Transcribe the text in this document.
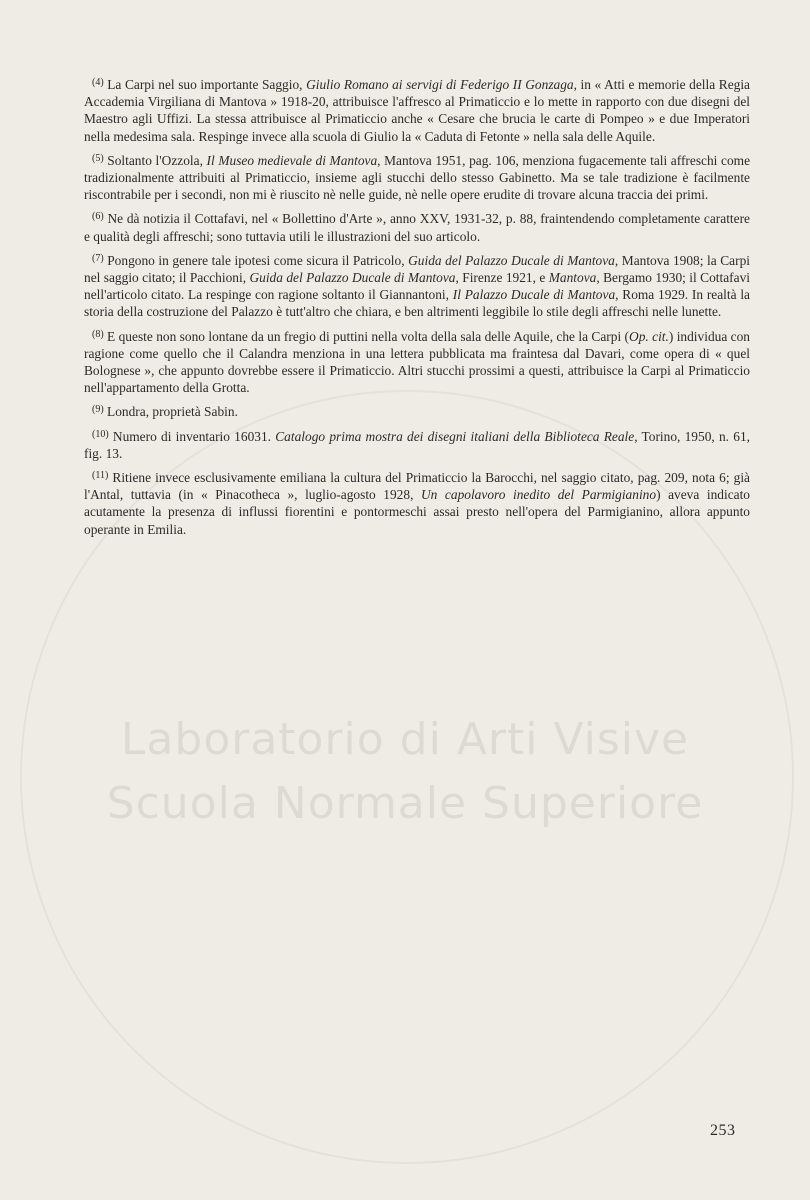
Laboratorio di Arti Visive
Scuola Normale Superiore

$^{(4)}$ La Carpi nel suo importante Saggio, Giulio Romano ai servigi di Federigo II Gonzaga, in « Atti e memorie della Regia Accademia Virgiliana di Mantova » 1918-20, attribuisce l'affresco al Primaticcio e lo mette in rapporto con due disegni del Maestro agli Uffizi. La stessa attribuisce al Primaticcio anche « Cesare che brucia le carte di Pompeo » e due Imperatori nella medesima sala. Respinge invece alla scuola di Giulio la « Caduta di Fetonte » nella sala delle Aquile.

$^{(5)}$ Soltanto l'Ozzola, Il Museo medievale di Mantova, Mantova 1951, pag. 106, menziona fugacemente tali affreschi come tradizionalmente attribuiti al Primaticcio, insieme agli stucchi dello stesso Gabinetto. Ma se tale tradizione è facilmente riscontrabile per i secondi, non mi è riuscito nè nelle guide, nè nelle opere erudite di trovare alcuna traccia dei primi.

$^{(6)}$ Ne dà notizia il Cottafavi, nel « Bollettino d'Arte », anno XXV, 1931-32, p. 88, fraintendendo completamente carattere e qualità degli affreschi; sono tuttavia utili le illustrazioni del suo articolo.

$^{(7)}$ Pongono in genere tale ipotesi come sicura il Patricolo, Guida del Palazzo Ducale di Mantova, Mantova 1908; la Carpi nel saggio citato; il Pacchioni, Guida del Palazzo Ducale di Mantova, Firenze 1921, e Mantova, Bergamo 1930; il Cottafavi nell'articolo citato. La respinge con ragione soltanto il Giannantoni, Il Palazzo Ducale di Mantova, Roma 1929. In realtà la storia della costruzione del Palazzo è tutt'altro che chiara, e ben altrimenti leggibile lo stile degli affreschi nelle lunette.

$^{(8)}$ E queste non sono lontane da un fregio di puttini nella volta della sala delle Aquile, che la Carpi (Op. cit.) individua con ragione come quello che il Calandra menziona in una lettera pubblicata ma fraintesa dal Davari, come opera di « quel Bolognese », che appunto dovrebbe essere il Primaticcio. Altri stucchi prossimi a questi, attribuisce la Carpi al Primaticcio nell'appartamento della Grotta.

$^{(9)}$ Londra, proprietà Sabin.

$^{(10)}$ Numero di inventario 16031. Catalogo prima mostra dei disegni italiani della Biblioteca Reale, Torino, 1950, n. 61, fig. 13.

$^{(11)}$ Ritiene invece esclusivamente emiliana la cultura del Primaticcio la Barocchi, nel saggio citato, pag. 209, nota 6; già l'Antal, tuttavia (in « Pinacotheca », luglio-agosto 1928, Un capolavoro inedito del Parmigianino) aveva indicato acutamente la presenza di influssi fiorentini e pontormeschi assai presto nell'opera del Parmigianino, allora appunto operante in Emilia.

253
